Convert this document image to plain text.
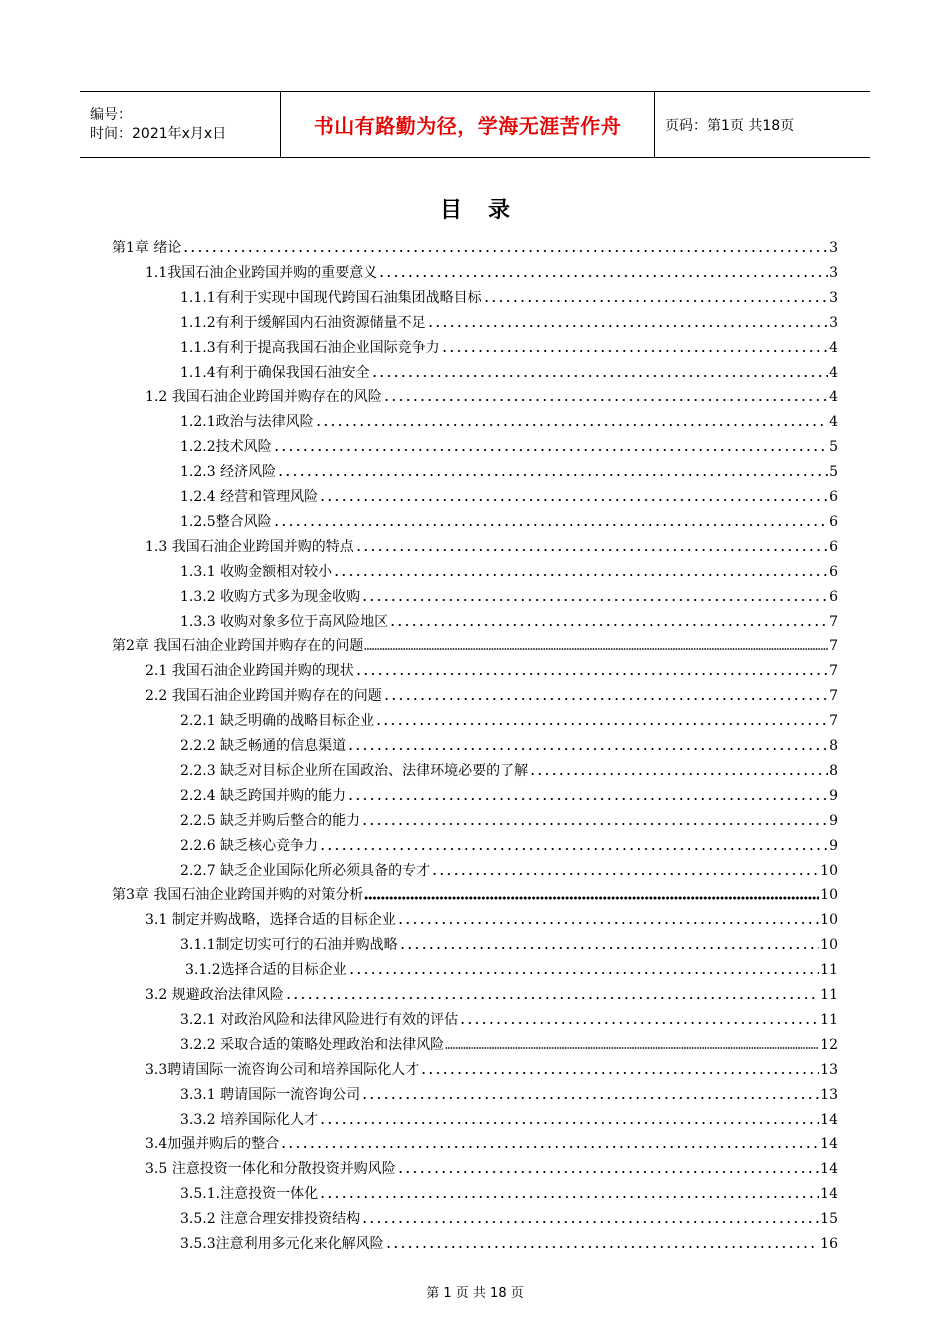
编号：
时间：2021年x月x日	书山有路勤为径，学海无涯苦作舟	页码：第1页 共18页
目录
第1章 绪论	3
1.1我国石油企业跨国并购的重要意义	3
1.1.1有利于实现中国现代跨国石油集团战略目标	3
1.1.2有利于缓解国内石油资源储量不足	3
1.1.3有利于提高我国石油企业国际竞争力	4
1.1.4有利于确保我国石油安全	4
1.2 我国石油企业跨国并购存在的风险	4
1.2.1政治与法律风险	4
1.2.2技术风险	5
1.2.3 经济风险	5
1.2.4 经营和管理风险	6
1.2.5整合风险	6
1.3 我国石油企业跨国并购的特点	6
1.3.1 收购金额相对较小	6
1.3.2 收购方式多为现金收购	6
1.3.3 收购对象多位于高风险地区	7
第2章 我国石油企业跨国并购存在的问题	7
2.1 我国石油企业跨国并购的现状	7
2.2 我国石油企业跨国并购存在的问题	7
2.2.1 缺乏明确的战略目标企业	7
2.2.2 缺乏畅通的信息渠道	8
2.2.3 缺乏对目标企业所在国政治、法律环境必要的了解	8
2.2.4 缺乏跨国并购的能力	9
2.2.5 缺乏并购后整合的能力	9
2.2.6 缺乏核心竞争力	9
2.2.7 缺乏企业国际化所必须具备的专才	10
第3章 我国石油企业跨国并购的对策分析	10
3.1 制定并购战略，选择合适的目标企业	10
3.1.1制定切实可行的石油并购战略	10
3.1.2选择合适的目标企业	11
3.2 规避政治法律风险	11
3.2.1 对政治风险和法律风险进行有效的评估	11
3.2.2 采取合适的策略处理政治和法律风险	12
3.3聘请国际一流咨询公司和培养国际化人才	13
3.3.1 聘请国际一流咨询公司	13
3.3.2 培养国际化人才	14
3.4加强并购后的整合	14
3.5 注意投资一体化和分散投资并购风险	14
3.5.1.注意投资一体化	14
3.5.2 注意合理安排投资结构	15
3.5.3注意利用多元化来化解风险	16
第 1 页 共 18 页
